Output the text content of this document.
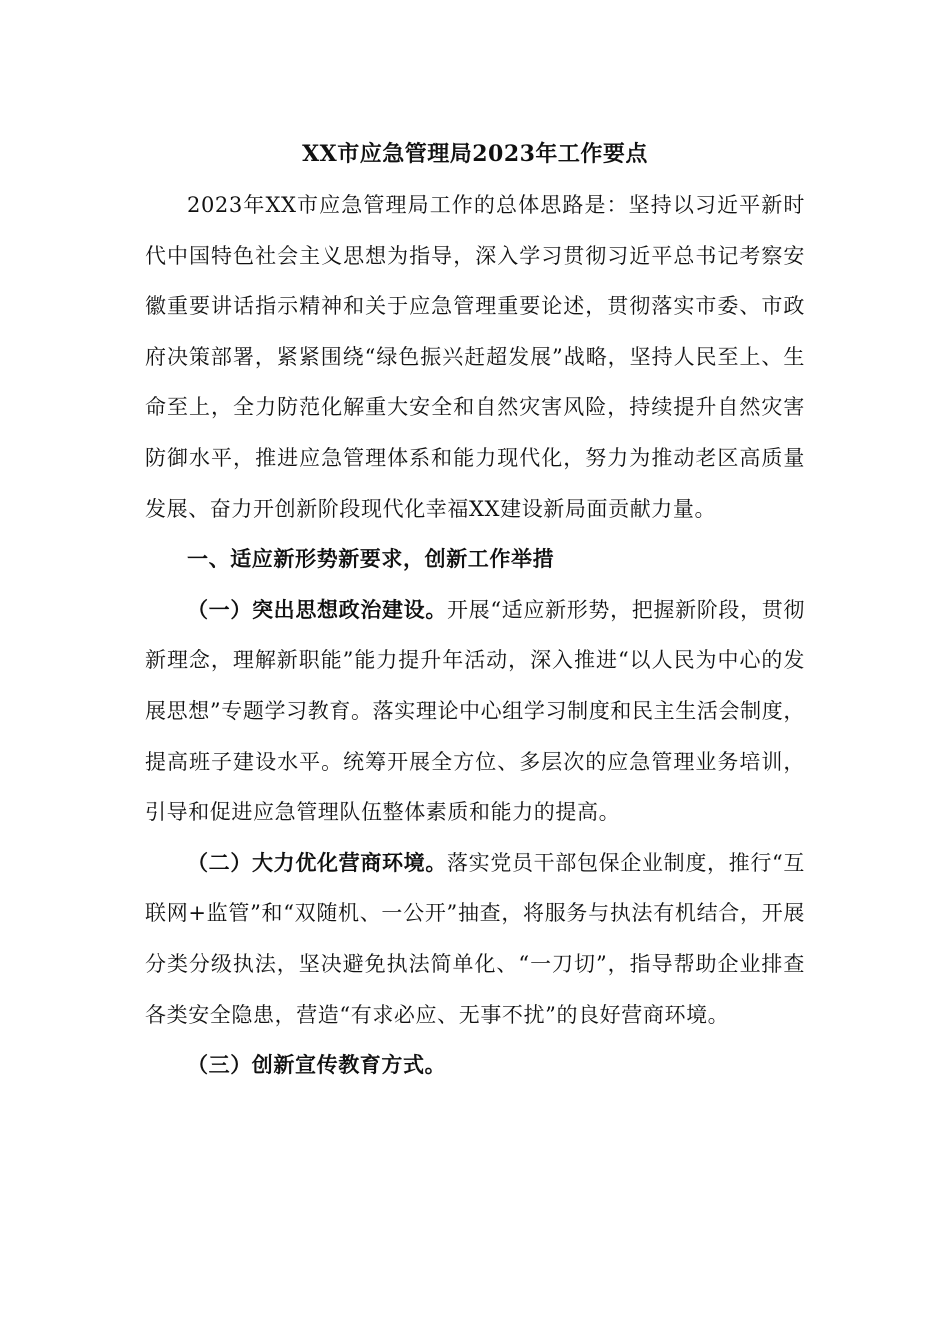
XX市应急管理局2023年工作要点

2023年XX市应急管理局工作的总体思路是：坚持以习近平新时代中国特色社会主义思想为指导，深入学习贯彻习近平总书记考察安徽重要讲话指示精神和关于应急管理重要论述，贯彻落实市委、市政府决策部署，紧紧围绕“绿色振兴赶超发展”战略，坚持人民至上、生命至上，全力防范化解重大安全和自然灾害风险，持续提升自然灾害防御水平，推进应急管理体系和能力现代化，努力为推动老区高质量发展、奋力开创新阶段现代化幸福XX建设新局面贡献力量。

一、适应新形势新要求，创新工作举措

（一）突出思想政治建设。开展“适应新形势，把握新阶段，贯彻新理念，理解新职能”能力提升年活动，深入推进“以人民为中心的发展思想”专题学习教育。落实理论中心组学习制度和民主生活会制度，提高班子建设水平。统筹开展全方位、多层次的应急管理业务培训，引导和促进应急管理队伍整体素质和能力的提高。

（二）大力优化营商环境。落实党员干部包保企业制度，推行“互联网+监管”和“双随机、一公开”抽查，将服务与执法有机结合，开展分类分级执法，坚决避免执法简单化、“一刀切”，指导帮助企业排查各类安全隐患，营造“有求必应、无事不扰”的良好营商环境。

（三）创新宣传教育方式。
